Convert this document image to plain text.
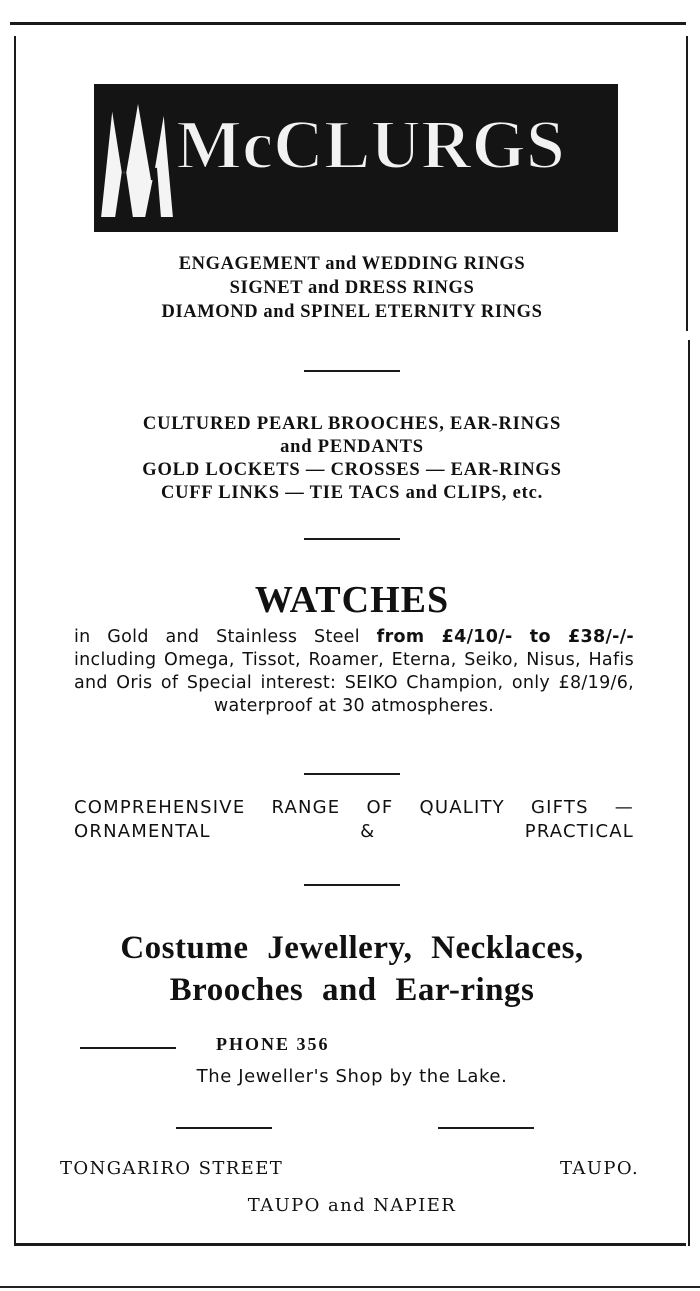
McCLURGS
ENGAGEMENT and WEDDING RINGS
SIGNET and DRESS RINGS
DIAMOND and SPINEL ETERNITY RINGS
CULTURED PEARL BROOCHES, EAR-RINGS
and PENDANTS
GOLD LOCKETS — CROSSES — EAR-RINGS
CUFF LINKS — TIE TACS and CLIPS, etc.
WATCHES
in Gold and Stainless Steel from £4/10/- to £38/-/- including Omega, Tissot, Roamer, Eterna, Seiko, Nisus, Hafis and Oris of Special interest: SEIKO Champion, only £8/19/6,
waterproof at 30 atmospheres.
COMPREHENSIVE RANGE OF QUALITY GIFTS — ORNAMENTAL & PRACTICAL
Costume Jewellery, Necklaces,
Brooches and Ear-rings
PHONE 356
The Jeweller's Shop by the Lake.
TONGARIRO STREET	TAUPO.
TAUPO and NAPIER
